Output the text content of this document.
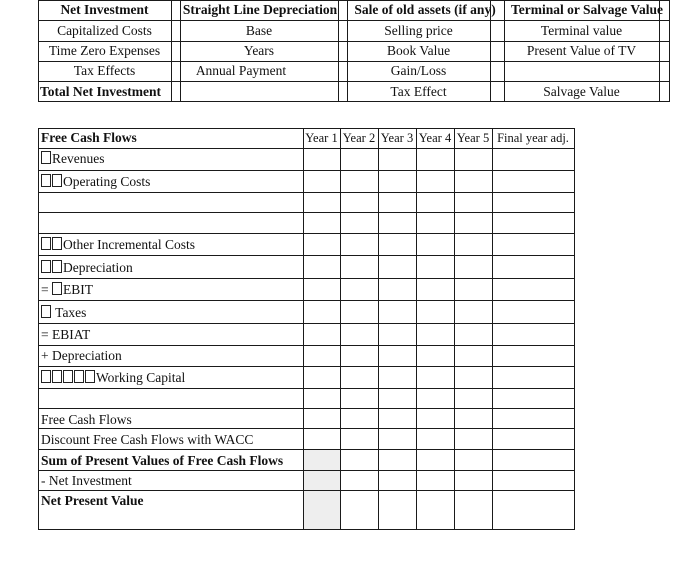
Net Investment
Capitalized Costs
Time Zero Expenses
Tax Effects
Total Net Investment
Straight Line Depreciation
Base
Years
Annual Payment
Sale of old assets (if any)
Selling price
Book Value
Gain/Loss
Tax Effect
Terminal or Salvage Value
Terminal value
Present Value of TV
Salvage Value
Year 1 Year 2 Year 3 Year 4 Year 5 Final year adj.
Free Cash Flows
Revenues
Operating Costs
Other Incremental Costs
Depreciation
= EBIT
Taxes
= EBIAT
+ Depreciation
Working Capital
Free Cash Flows
Discount Free Cash Flows with WACC
Sum of Present Values of Free Cash Flows
- Net Investment
Net Present Value
